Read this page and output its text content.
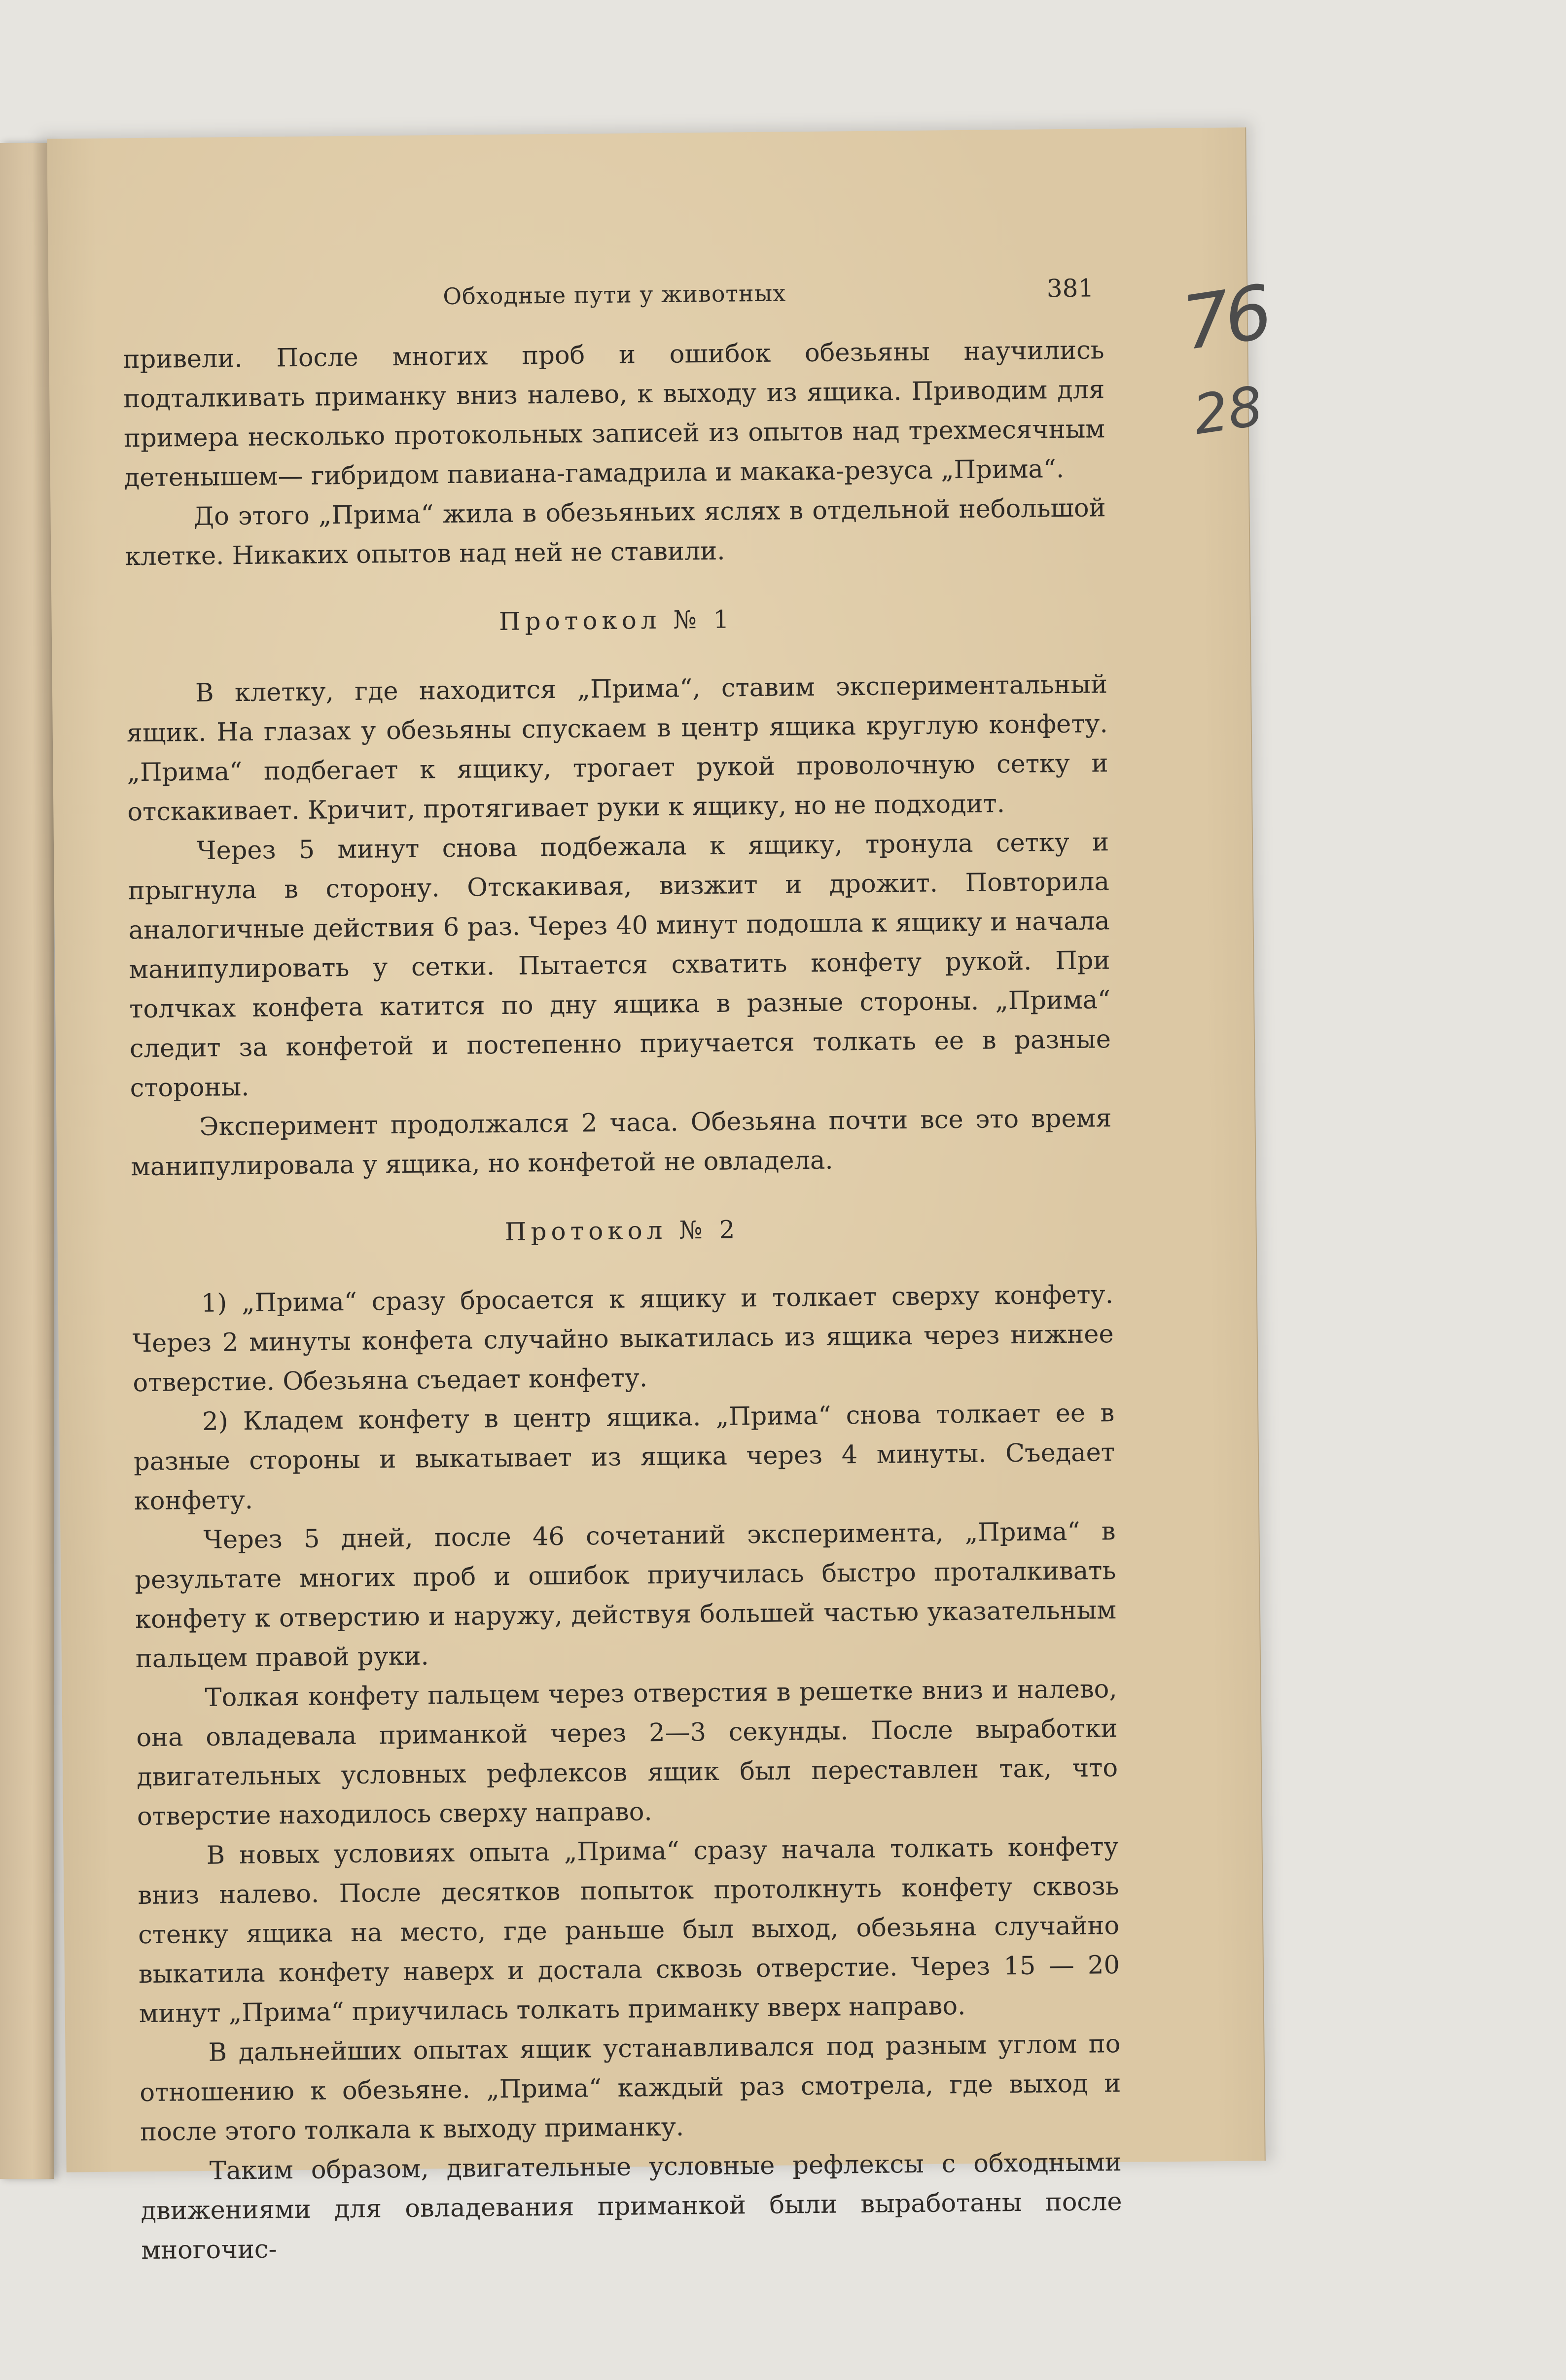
76
28
Обходные пути у животных	381

привели. После многих проб и ошибок обезьяны научились подталкивать приманку вниз налево, к выходу из ящика. Приводим для примера несколько протокольных записей из опытов над трехмесячным детенышем— гибридом павиана-гамадрила и макака-резуса „Прима“.

До этого „Прима“ жила в обезьяньих яслях в отдельной небольшой клетке. Никаких опытов над ней не ставили.

Протокол № 1

В клетку, где находится „Прима“, ставим экспериментальный ящик. На глазах у обезьяны спускаем в центр ящика круглую конфету. „Прима“ подбегает к ящику, трогает рукой проволочную сетку и отскакивает. Кричит, протягивает руки к ящику, но не подходит.

Через 5 минут снова подбежала к ящику, тронула сетку и прыгнула в сторону. Отскакивая, визжит и дрожит. Повторила аналогичные действия 6 раз. Через 40 минут подошла к ящику и начала манипулировать у сетки. Пытается схватить конфету рукой. При толчках конфета катится по дну ящика в разные стороны. „Прима“ следит за конфетой и постепенно приучается толкать ее в разные стороны.

Эксперимент продолжался 2 часа. Обезьяна почти все это время манипулировала у ящика, но конфетой не овладела.

Протокол № 2

1) „Прима“ сразу бросается к ящику и толкает сверху конфету. Через 2 минуты конфета случайно выкатилась из ящика через нижнее отверстие. Обезьяна съедает конфету.

2) Кладем конфету в центр ящика. „Прима“ снова толкает ее в разные стороны и выкатывает из ящика через 4 минуты. Съедает конфету.

Через 5 дней, после 46 сочетаний эксперимента, „Прима“ в результате многих проб и ошибок приучилась быстро проталкивать конфету к отверстию и наружу, действуя большей частью указательным пальцем правой руки.

Толкая конфету пальцем через отверстия в решетке вниз и налево, она овладевала приманкой через 2—3 секунды. После выработки двигательных условных рефлексов ящик был переставлен так, что отверстие находилось сверху направо.

В новых условиях опыта „Прима“ сразу начала толкать конфету вниз налево. После десятков попыток протолкнуть конфету сквозь стенку ящика на место, где раньше был выход, обезьяна случайно выкатила конфету наверх и достала сквозь отверстие. Через 15 — 20 минут „Прима“ приучилась толкать приманку вверх направо.

В дальнейших опытах ящик устанавливался под разным углом по отношению к обезьяне. „Прима“ каждый раз смотрела, где выход и после этого толкала к выходу приманку.

Таким образом, двигательные условные рефлексы с обходными движениями для овладевания приманкой были выработаны после многочис-
